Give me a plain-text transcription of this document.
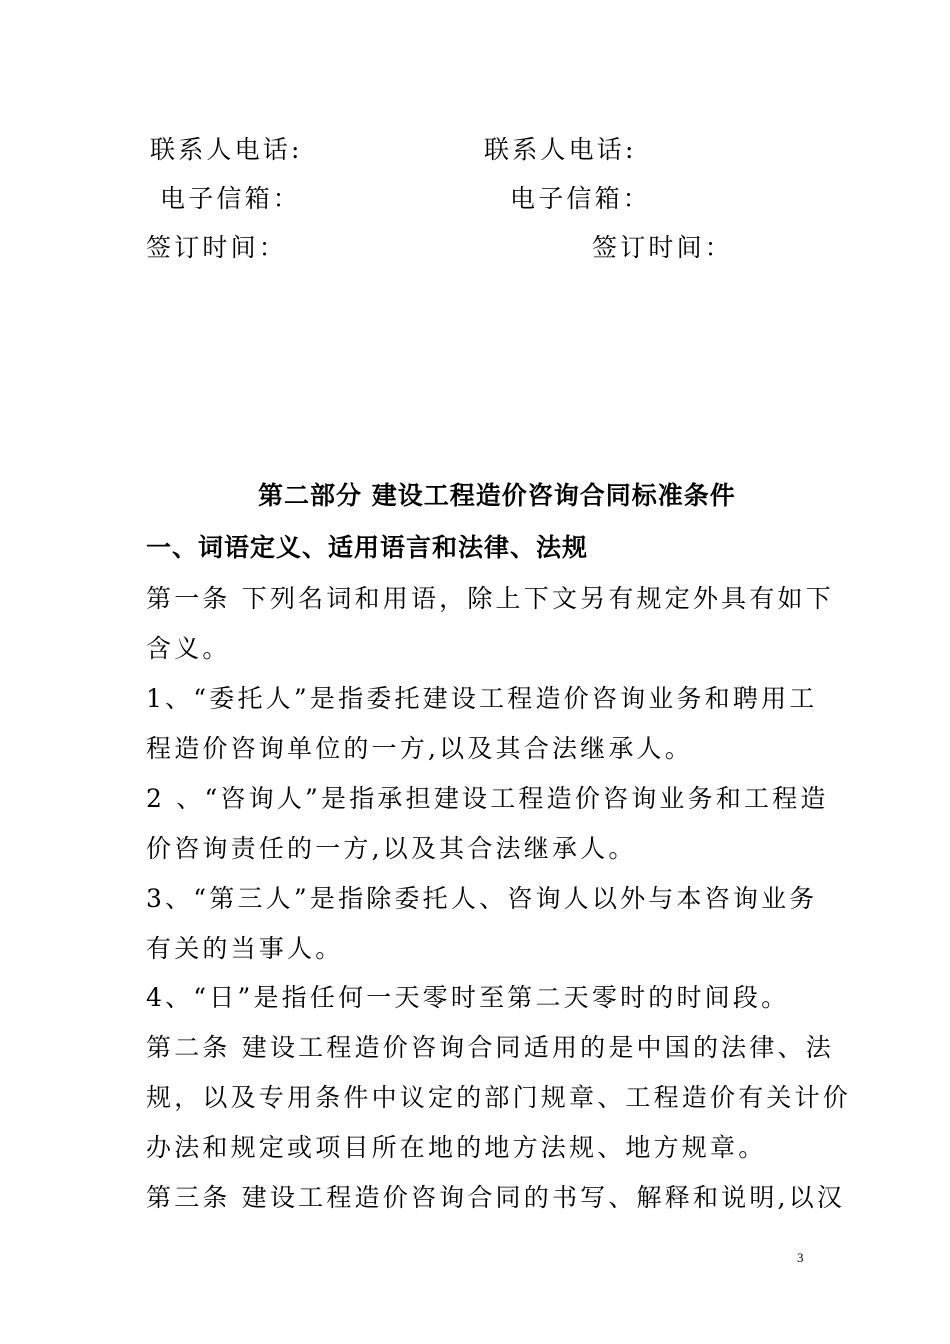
联系人电话:	联系人电话:
电子信箱：	电子信箱：
签订时间：	签订时间：
第二部分 建设工程造价咨询合同标准条件
一、词语定义、适用语言和法律、法规
第一条 下列名词和用语，除上下文另有规定外具有如下
含义。
1、“委托人”是指委托建设工程造价咨询业务和聘用工
程造价咨询单位的一方,以及其合法继承人。
2 、“咨询人”是指承担建设工程造价咨询业务和工程造
价咨询责任的一方,以及其合法继承人。
3、“第三人”是指除委托人、咨询人以外与本咨询业务
有关的当事人。
4、“日”是指任何一天零时至第二天零时的时间段。
第二条 建设工程造价咨询合同适用的是中国的法律、法
规，以及专用条件中议定的部门规章、工程造价有关计价
办法和规定或项目所在地的地方法规、地方规章。
第三条 建设工程造价咨询合同的书写、解释和说明,以汉
3
